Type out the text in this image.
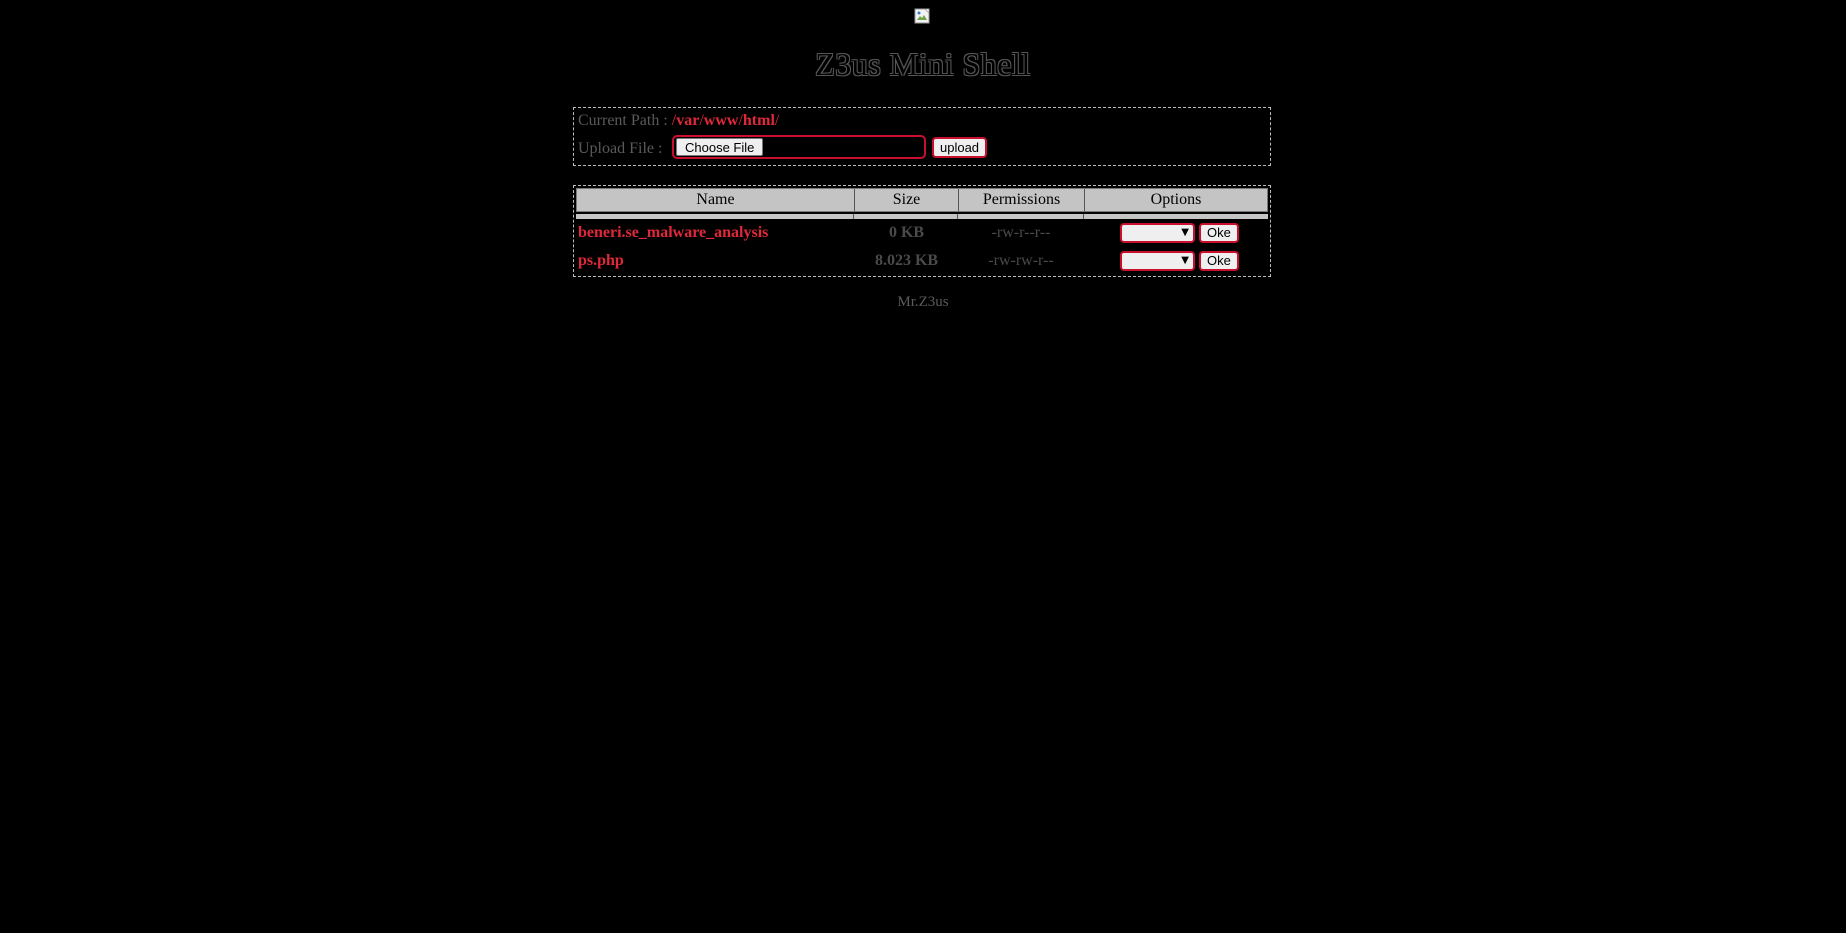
Z3us Mini Shell
Current Path : /var/www/html/
Upload File :	Choose File	upload
Name	Size	Permissions	Options
beneri.se_malware_analysis	0 KB	-rw-r--r--	▼	Oke
ps.php	8.023 KB	-rw-rw-r--	▼	Oke
Mr.Z3us
